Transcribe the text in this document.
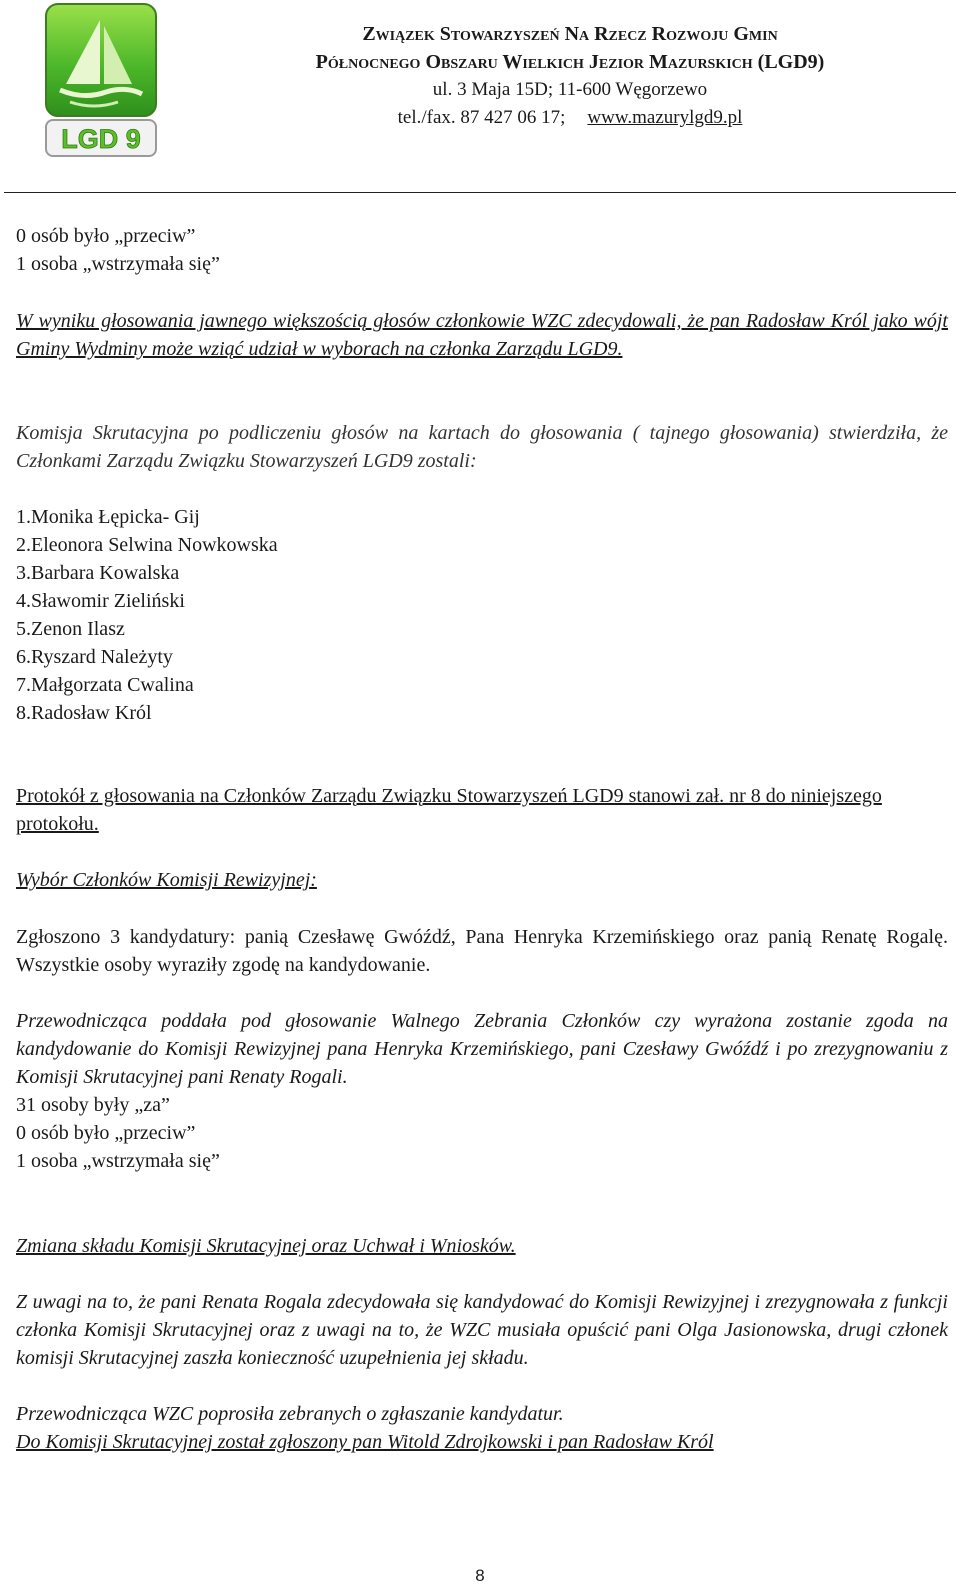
LGD 9
Związek Stowarzyszeń Na Rzecz Rozwoju Gmin
Północnego Obszaru Wielkich Jezior Mazurskich (LGD9)
ul. 3 Maja 15D; 11-600 Węgorzewo
tel./fax. 87 427 06 17; www.mazurylgd9.pl

0 osób było „przeciw”

1 osoba „wstrzymała się”

W wyniku głosowania jawnego większością głosów członkowie WZC zdecydowali, że pan Radosław Król jako wójt Gminy Wydminy może wziąć udział w wyborach na członka Zarządu LGD9.

Komisja Skrutacyjna po podliczeniu głosów na kartach do głosowania ( tajnego głosowania) stwierdziła, że Członkami Zarządu Związku Stowarzyszeń LGD9 zostali:

1.Monika Łępicka- Gij

2.Eleonora Selwina Nowkowska

3.Barbara Kowalska

4.Sławomir Zieliński

5.Zenon Ilasz

6.Ryszard Należyty

7.Małgorzata Cwalina

8.Radosław Król

Protokół z głosowania na Członków Zarządu Związku Stowarzyszeń LGD9 stanowi zał. nr 8 do niniejszego protokołu.

Wybór Członków Komisji Rewizyjnej:

Zgłoszono 3 kandydatury: panią Czesławę Gwóźdź, Pana Henryka Krzemińskiego oraz panią Renatę Rogalę. Wszystkie osoby wyraziły zgodę na kandydowanie.

Przewodnicząca poddała pod głosowanie Walnego Zebrania Członków czy wyrażona zostanie zgoda na kandydowanie do Komisji Rewizyjnej pana Henryka Krzemińskiego, pani Czesławy Gwóźdź i po zrezygnowaniu z Komisji Skrutacyjnej pani Renaty Rogali.

31 osoby były „za”

0 osób było „przeciw”

1 osoba „wstrzymała się”

Zmiana składu Komisji Skrutacyjnej oraz Uchwał i Wniosków.

Z uwagi na to, że pani Renata Rogala zdecydowała się kandydować do Komisji Rewizyjnej i zrezygnowała z funkcji członka Komisji Skrutacyjnej oraz z uwagi na to, że WZC musiała opuścić pani Olga Jasionowska, drugi członek komisji Skrutacyjnej zaszła konieczność uzupełnienia jej składu.

Przewodnicząca WZC poprosiła zebranych o zgłaszanie kandydatur.

Do Komisji Skrutacyjnej został zgłoszony pan Witold Zdrojkowski i pan Radosław Król

8
